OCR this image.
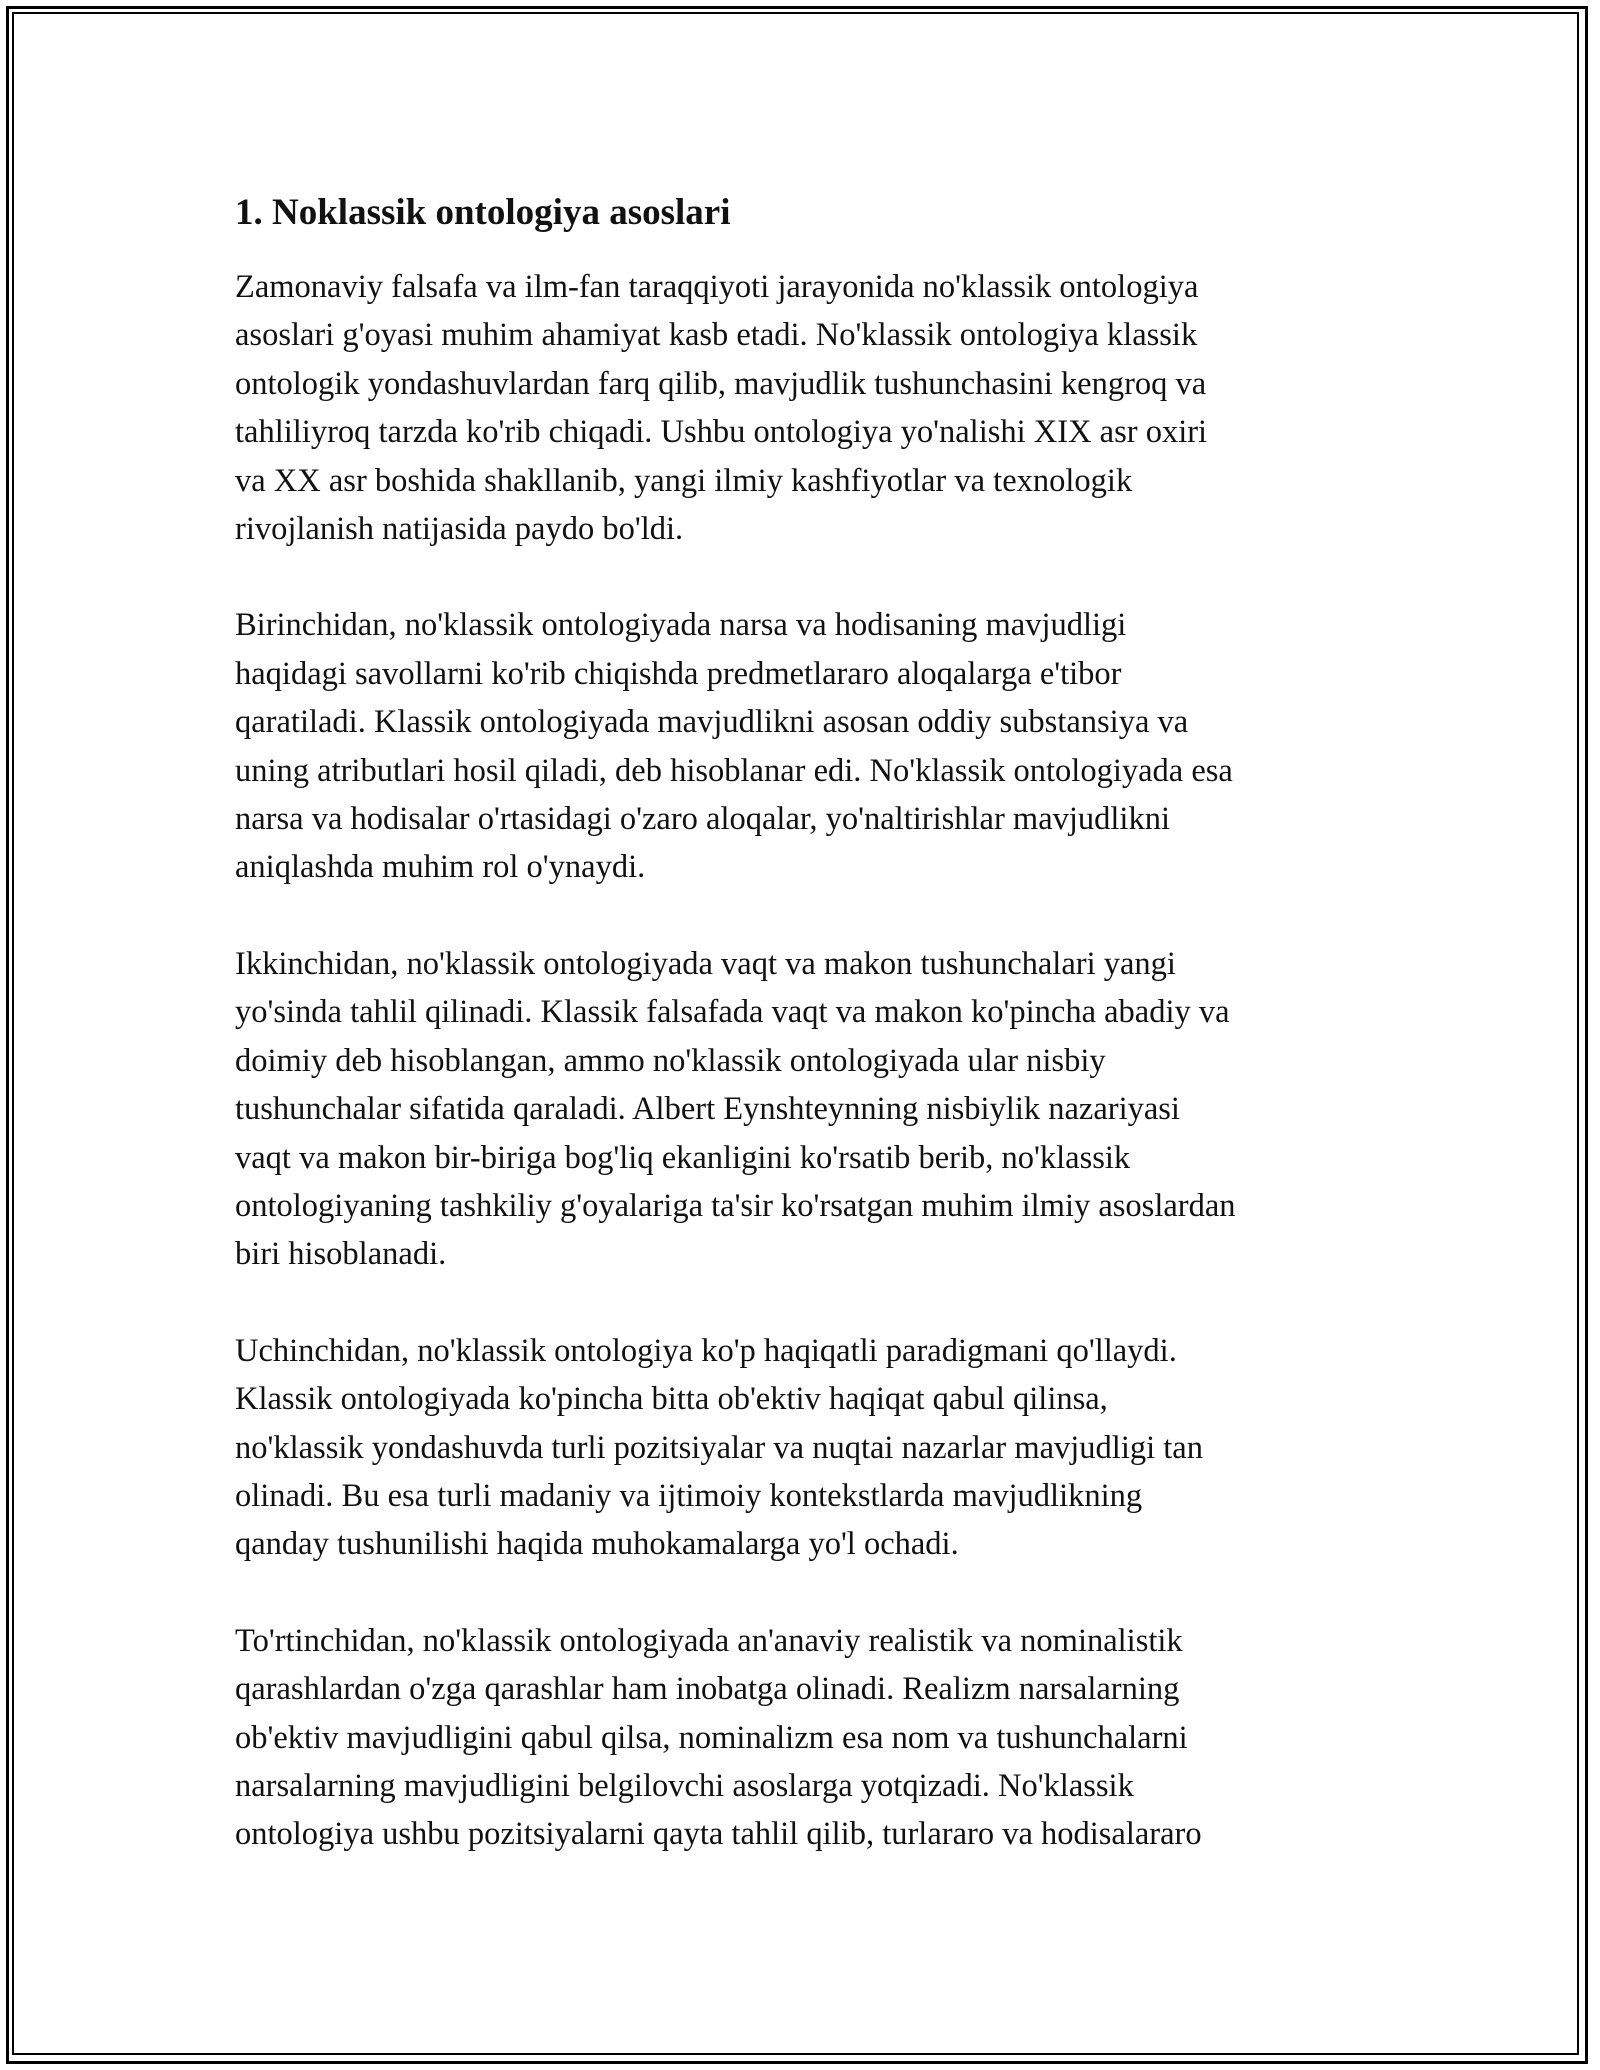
1. Noklassik ontologiya asoslari

Zamonaviy falsafa va ilm-fan taraqqiyoti jarayonida no'klassik ontologiya
asoslari g'oyasi muhim ahamiyat kasb etadi. No'klassik ontologiya klassik
ontologik yondashuvlardan farq qilib, mavjudlik tushunchasini kengroq va
tahliliyroq tarzda ko'rib chiqadi. Ushbu ontologiya yo'nalishi XIX asr oxiri
va XX asr boshida shakllanib, yangi ilmiy kashfiyotlar va texnologik
rivojlanish natijasida paydo bo'ldi.

Birinchidan, no'klassik ontologiyada narsa va hodisaning mavjudligi
haqidagi savollarni ko'rib chiqishda predmetlararo aloqalarga e'tibor
qaratiladi. Klassik ontologiyada mavjudlikni asosan oddiy substansiya va
uning atributlari hosil qiladi, deb hisoblanar edi. No'klassik ontologiyada esa
narsa va hodisalar o'rtasidagi o'zaro aloqalar, yo'naltirishlar mavjudlikni
aniqlashda muhim rol o'ynaydi.

Ikkinchidan, no'klassik ontologiyada vaqt va makon tushunchalari yangi
yo'sinda tahlil qilinadi. Klassik falsafada vaqt va makon ko'pincha abadiy va
doimiy deb hisoblangan, ammo no'klassik ontologiyada ular nisbiy
tushunchalar sifatida qaraladi. Albert Eynshteynning nisbiylik nazariyasi
vaqt va makon bir-biriga bog'liq ekanligini ko'rsatib berib, no'klassik
ontologiyaning tashkiliy g'oyalariga ta'sir ko'rsatgan muhim ilmiy asoslardan
biri hisoblanadi.

Uchinchidan, no'klassik ontologiya ko'p haqiqatli paradigmani qo'llaydi.
Klassik ontologiyada ko'pincha bitta ob'ektiv haqiqat qabul qilinsa,
no'klassik yondashuvda turli pozitsiyalar va nuqtai nazarlar mavjudligi tan
olinadi. Bu esa turli madaniy va ijtimoiy kontekstlarda mavjudlikning
qanday tushunilishi haqida muhokamalarga yo'l ochadi.

To'rtinchidan, no'klassik ontologiyada an'anaviy realistik va nominalistik
qarashlardan o'zga qarashlar ham inobatga olinadi. Realizm narsalarning
ob'ektiv mavjudligini qabul qilsa, nominalizm esa nom va tushunchalarni
narsalarning mavjudligini belgilovchi asoslarga yotqizadi. No'klassik
ontologiya ushbu pozitsiyalarni qayta tahlil qilib, turlararo va hodisalararo
